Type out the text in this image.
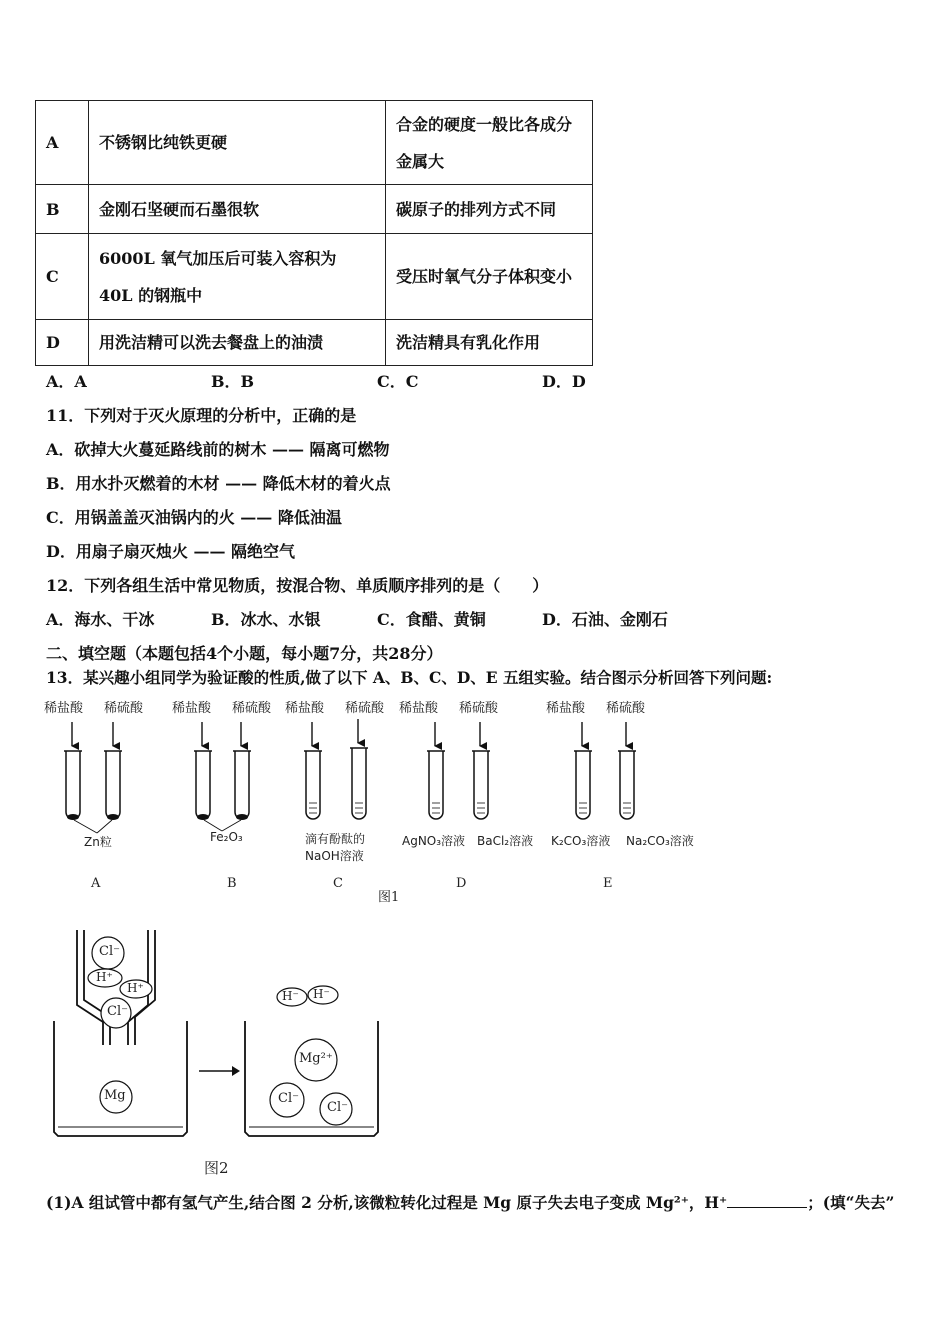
A	不锈钢比纯铁更硬	合金的硬度一般比各成分金属大
B	金刚石坚硬而石墨很软	碳原子的排列方式不同
C	6000L 氧气加压后可装入容积为 40L 的钢瓶中	受压时氧气分子体积变小
D	用洗洁精可以洗去餐盘上的油渍	洗洁精具有乳化作用
A．A	B．B	C．C	D．D
11．下列对于灭火原理的分析中，正确的是
A．砍掉大火蔓延路线前的树木 —— 隔离可燃物
B．用水扑灭燃着的木材 —— 降低木材的着火点
C．用锅盖盖灭油锅内的火 —— 降低油温
D．用扇子扇灭烛火 —— 隔绝空气
12．下列各组生活中常见物质，按混合物、单质顺序排列的是（　　）
A．海水、干冰	B．冰水、水银	C．食醋、黄铜	D．石油、金刚石
二、填空题（本题包括4个小题，每小题7分，共28分）
13．某兴趣小组同学为验证酸的性质,做了以下 A、B、C、D、E 五组实验。结合图示分析回答下列问题:
稀盐酸 稀硫酸 稀盐酸 稀硫酸 稀盐酸 稀硫酸 稀盐酸 稀硫酸	稀盐酸 稀硫酸
Zn粒	Fe₂O₃	滴有酚酞的
NaOH溶液
AgNO₃溶液 BaCl₂溶液 K₂CO₃溶液 Na₂CO₃溶液
A	B	C	D	E
图1
Cl⁻
H⁺
H⁺
Cl⁻
Mg
H⁻ H⁻
Mg²⁺
Cl⁻
Cl⁻
图2
(1)A 组试管中都有氢气产生,结合图 2 分析,该微粒转化过程是 Mg 原子失去电子变成 Mg²⁺，H⁺	；(填“失去”
